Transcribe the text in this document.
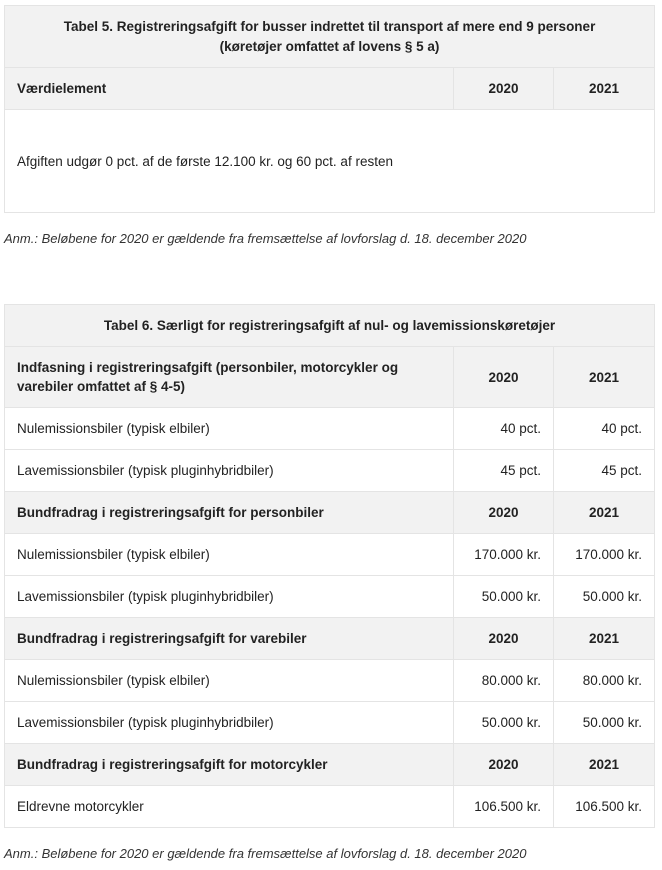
Tabel 5. Registreringsafgift for busser indrettet til transport af mere end 9 personer
(køretøjer omfattet af lovens § 5 a)
Værdielement	2020	2021
Afgiften udgør 0 pct. af de første 12.100 kr. og 60 pct. af resten
Anm.: Beløbene for 2020 er gældende fra fremsættelse af lovforslag d. 18. december 2020
Tabel 6. Særligt for registreringsafgift af nul- og lavemissionskøretøjer		
Indfasning i registreringsafgift (personbiler, motorcykler og varebiler omfattet af § 4-5)	2020	2021
Nulemissionsbiler (typisk elbiler)	40 pct.	40 pct.
Lavemissionsbiler (typisk pluginhybridbiler)	45 pct.	45 pct.
Bundfradrag i registreringsafgift for personbiler	2020	2021
Nulemissionsbiler (typisk elbiler)	170.000 kr.	170.000 kr.
Lavemissionsbiler (typisk pluginhybridbiler)	50.000 kr.	50.000 kr.
Bundfradrag i registreringsafgift for varebiler	2020	2021
Nulemissionsbiler (typisk elbiler)	80.000 kr.	80.000 kr.
Lavemissionsbiler (typisk pluginhybridbiler)	50.000 kr.	50.000 kr.
Bundfradrag i registreringsafgift for motorcykler	2020	2021
Eldrevne motorcykler	106.500 kr.	106.500 kr.
Anm.: Beløbene for 2020 er gældende fra fremsættelse af lovforslag d. 18. december 2020
